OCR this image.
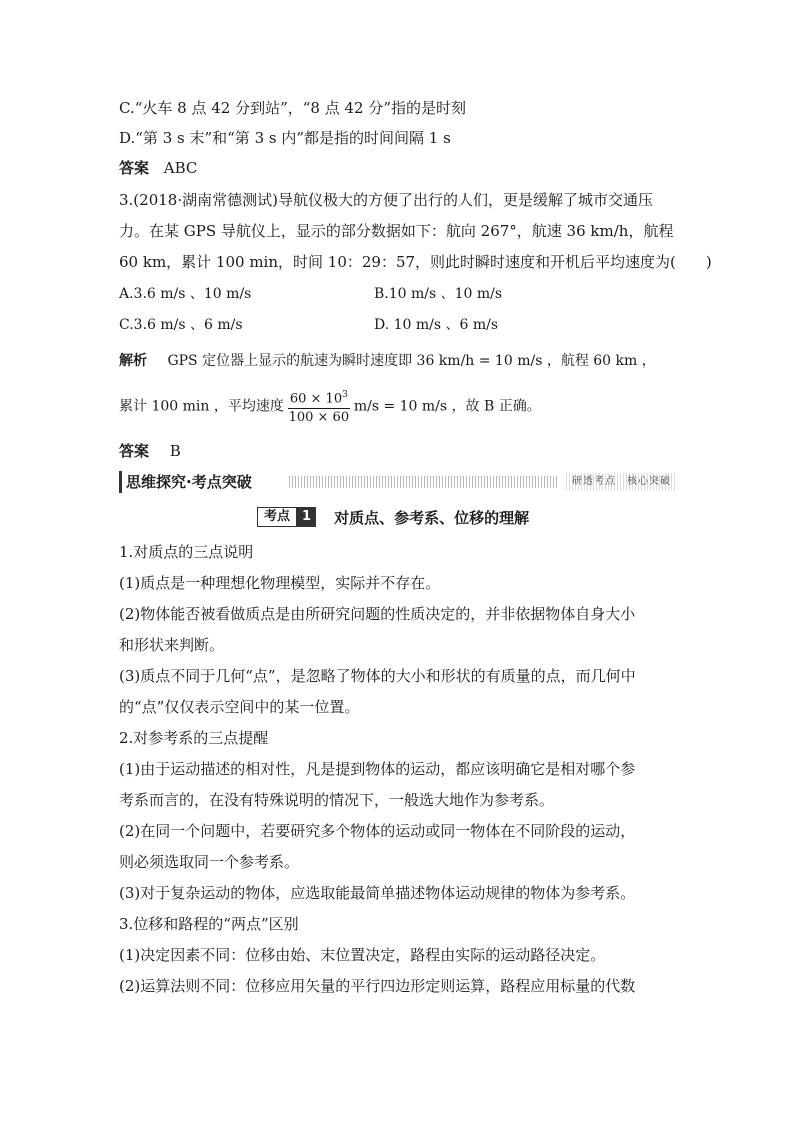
C.“火车 8 点 42 分到站”，“8 点 42 分”指的是时刻
D.“第 3 s 末”和“第 3 s 内”都是指的时间间隔 1 s
答案 ABC
3.(2018·湖南常德测试)导航仪极大的方便了出行的人们，更是缓解了城市交通压
力。在某 GPS 导航仪上，显示的部分数据如下：航向 267°，航速 36 km/h，航程
60 km，累计 100 min，时间 10：29：57，则此时瞬时速度和开机后平均速度为(　　)
A.3.6 m/s 、10 m/s	B.10 m/s 、10 m/s
C.3.6 m/s 、6 m/s	D. 10 m/s 、6 m/s
解析 GPS 定位器上显示的航速为瞬时速度即 36 km/h = 10 m/s ，航程 60 km ，
累计 100 min ，平均速度 $\frac{60 \times 10^3}{100 \times 60} m/s = 10$ m/s ，故 B 正确。
答案 B
思维探究·考点突破	研透考点　核心突破
考点 1	对质点、参考系、位移的理解
1.对质点的三点说明
(1)质点是一种理想化物理模型，实际并不存在。
(2)物体能否被看做质点是由所研究问题的性质决定的，并非依据物体自身大小
和形状来判断。
(3)质点不同于几何“点”，是忽略了物体的大小和形状的有质量的点，而几何中
的“点”仅仅表示空间中的某一位置。
2.对参考系的三点提醒
(1)由于运动描述的相对性，凡是提到物体的运动，都应该明确它是相对哪个参
考系而言的，在没有特殊说明的情况下，一般选大地作为参考系。
(2)在同一个问题中，若要研究多个物体的运动或同一物体在不同阶段的运动，
则必须选取同一个参考系。
(3)对于复杂运动的物体，应选取能最简单描述物体运动规律的物体为参考系。
3.位移和路程的“两点”区别
(1)决定因素不同：位移由始、末位置决定，路程由实际的运动路径决定。
(2)运算法则不同：位移应用矢量的平行四边形定则运算，路程应用标量的代数
